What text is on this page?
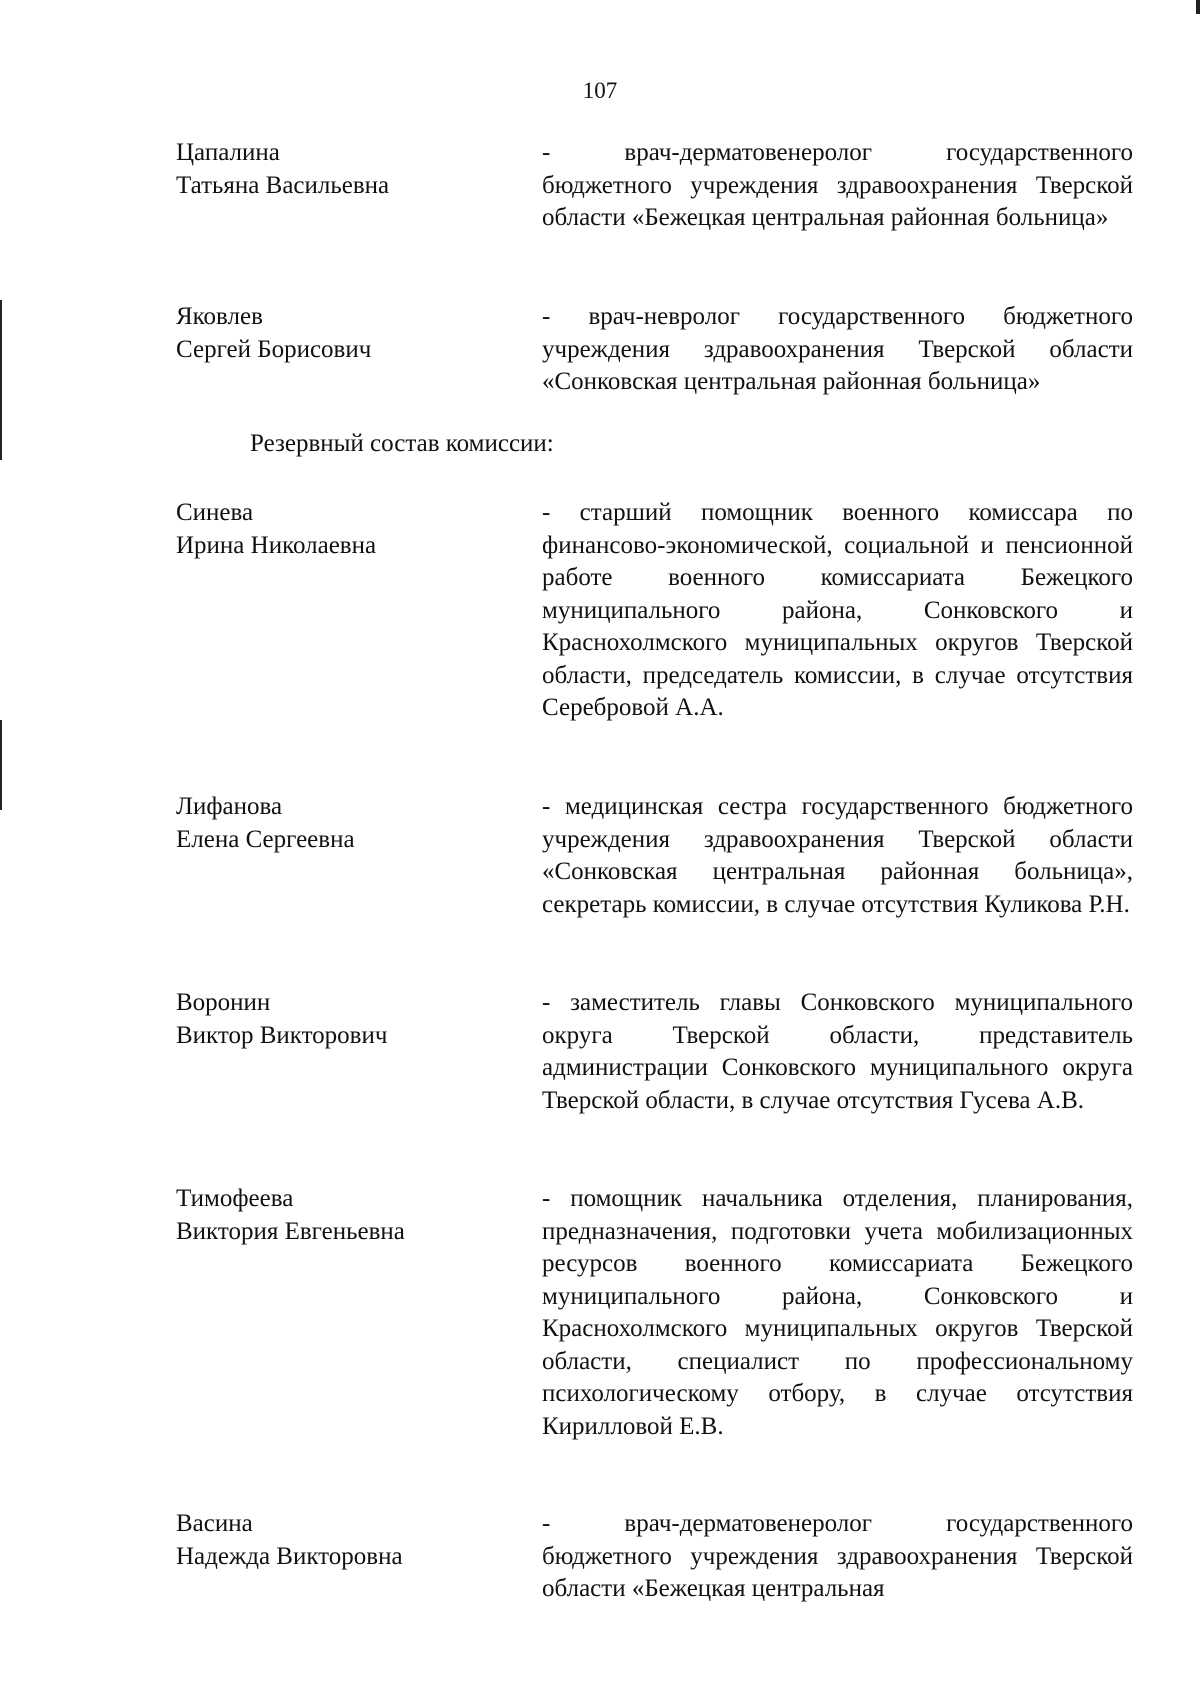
107
Цапалина
Татьяна Васильевна
- врач-дерматовенеролог государственного бюджетного учреждения здравоохранения Тверской области «Бежецкая центральная районная больница»
Яковлев
Сергей Борисович
- врач-невролог государственного бюджетного учреждения здравоохранения Тверской области «Сонковская центральная районная больница»
Резервный состав комиссии:
Синева
Ирина Николаевна
- старший помощник военного комиссара по финансово-экономической, социальной и пенсионной работе военного комиссариата Бежецкого муниципального района, Сонковского и Краснохолмского муниципальных округов Тверской области, председатель комиссии, в случае отсутствия Серебровой А.А.
Лифанова
Елена Сергеевна
- медицинская сестра государственного бюджетного учреждения здравоохранения Тверской области «Сонковская центральная районная больница», секретарь комиссии, в случае отсутствия Куликова Р.Н.
Воронин
Виктор Викторович
- заместитель главы Сонковского муниципального округа Тверской области, представитель администрации Сонковского муниципального округа Тверской области, в случае отсутствия Гусева А.В.
Тимофеева
Виктория Евгеньевна
- помощник начальника отделения, планирования, предназначения, подготовки учета мобилизационных ресурсов военного комиссариата Бежецкого муниципального района, Сонковского и Краснохолмского муниципальных округов Тверской области, специалист по профессиональному психологическому отбору, в случае отсутствия Кирилловой Е.В.
Васина
Надежда Викторовна
- врач-дерматовенеролог государственного бюджетного учреждения здравоохранения Тверской области «Бежецкая центральная
